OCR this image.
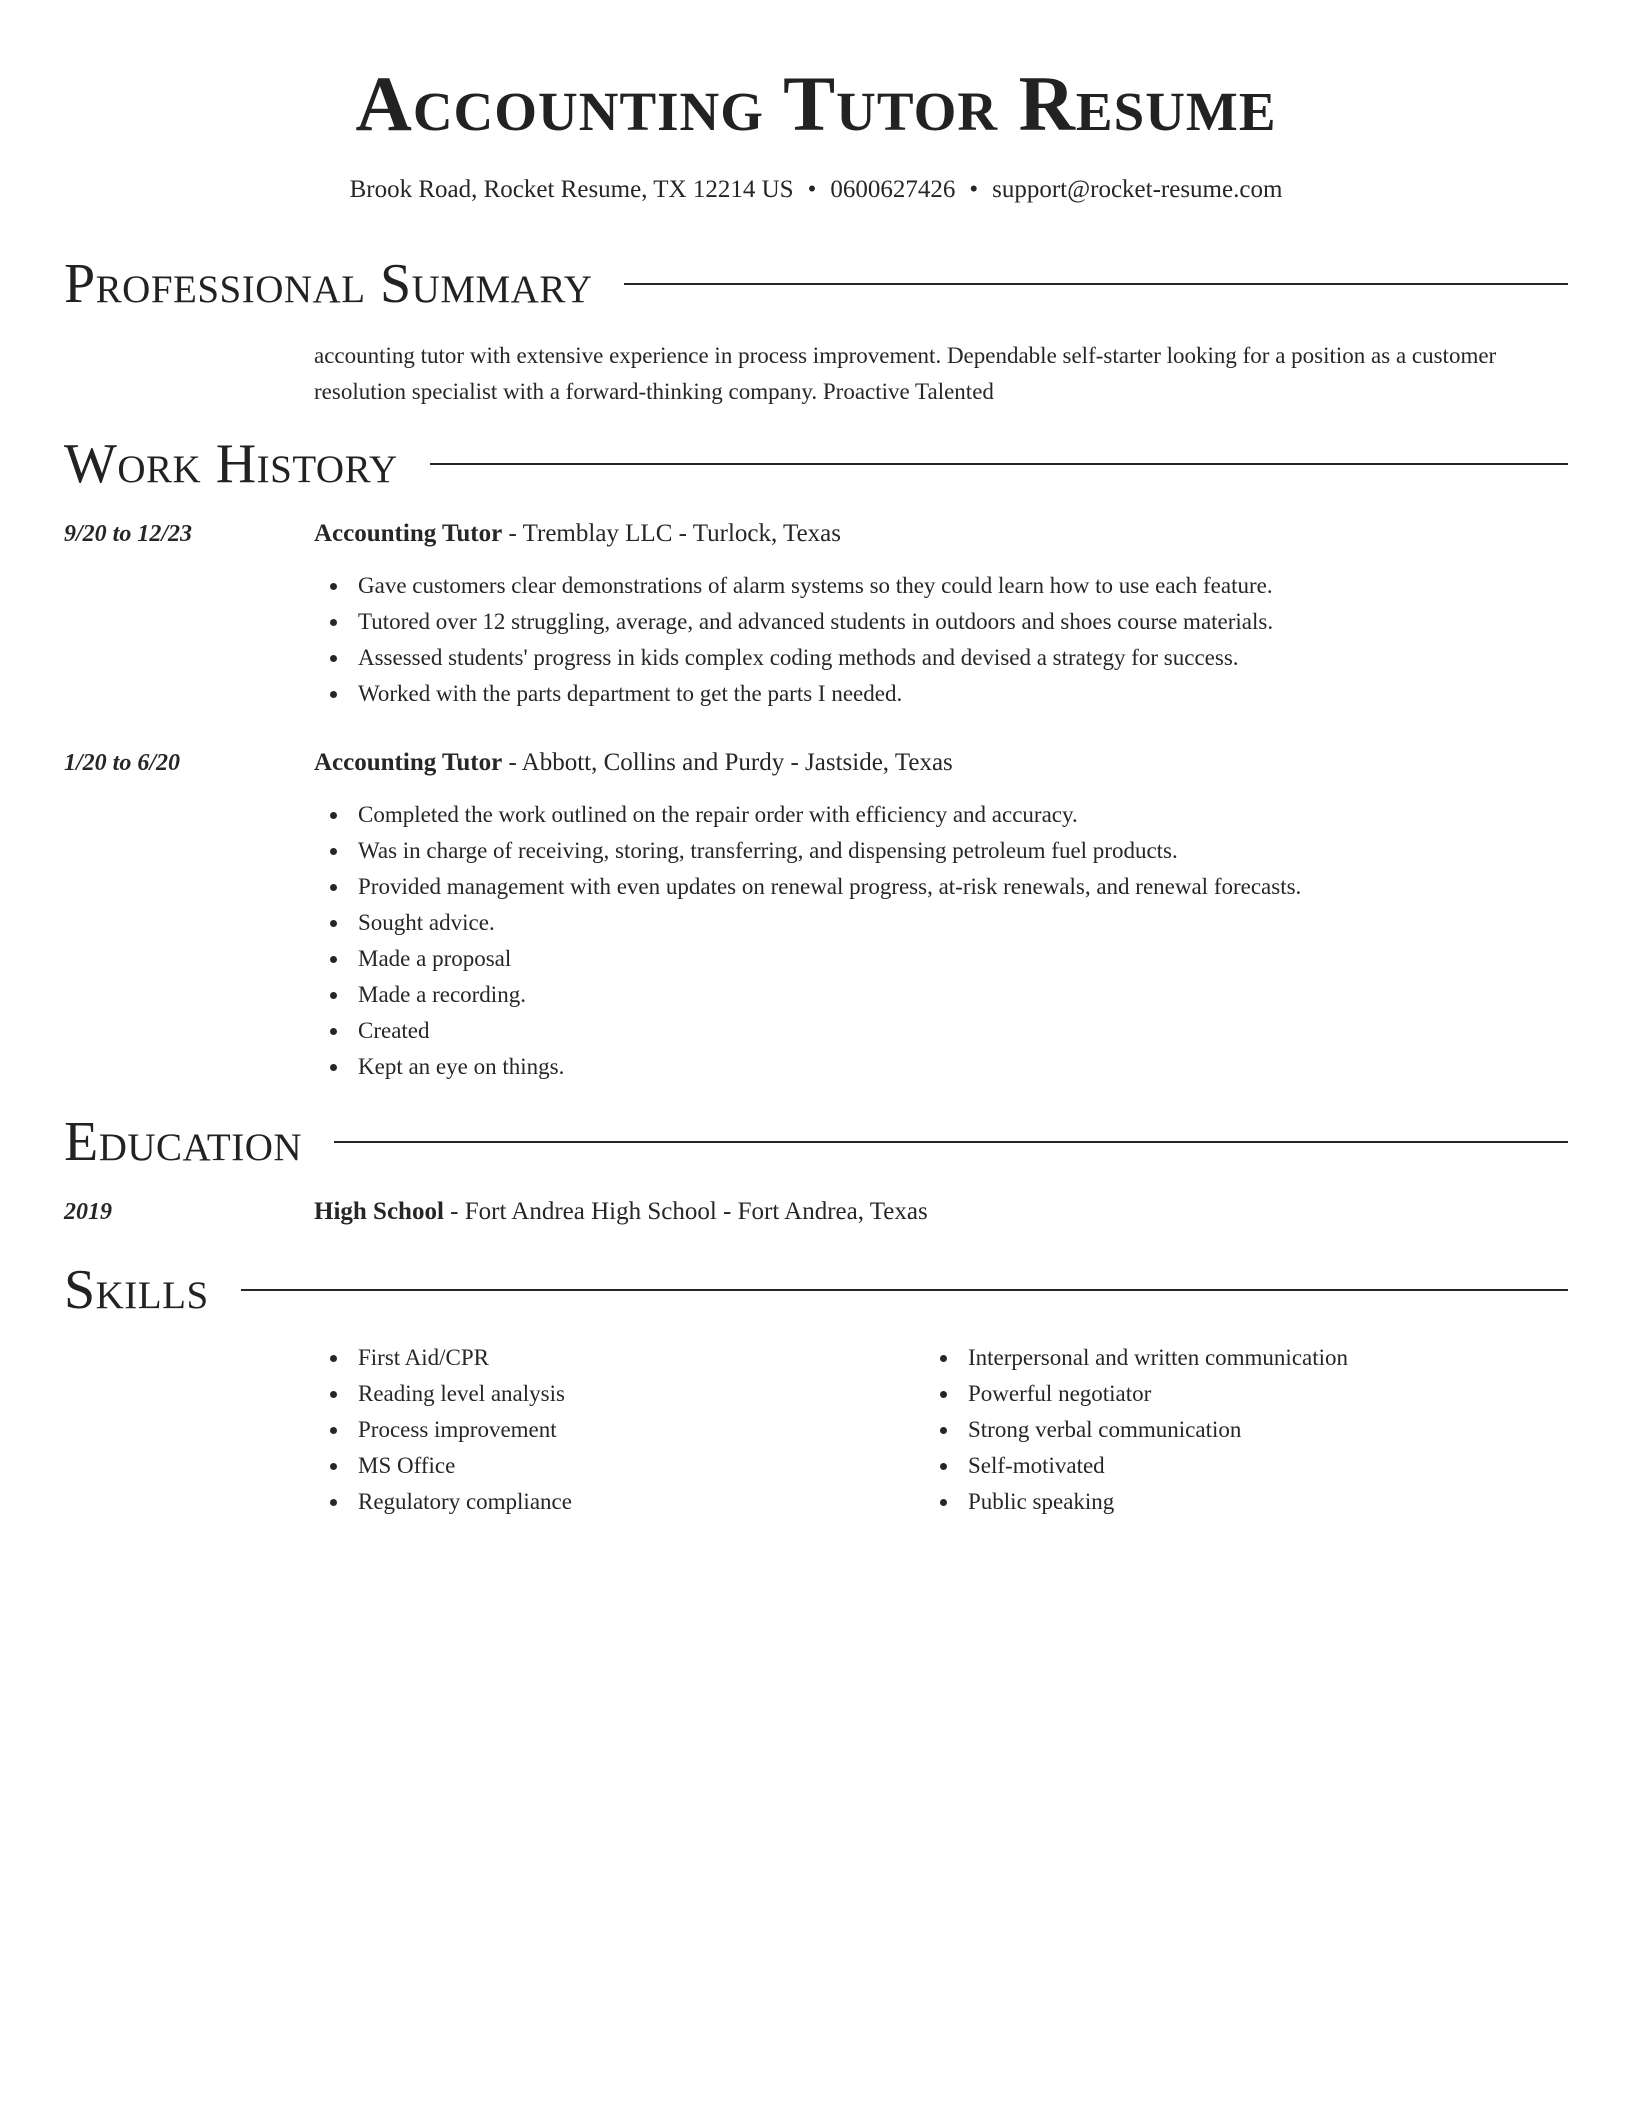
Accounting Tutor Resume
Brook Road, Rocket Resume, TX 12214 US • 0600627426 • support@rocket-resume.com
Professional Summary

accounting tutor with extensive experience in process improvement. Dependable self-starter looking for a position as a customer resolution specialist with a forward-thinking company. Proactive Talented

Work History
9/20 to 12/23	Accounting Tutor - Tremblay LLC - Turlock, Texas
Gave customers clear demonstrations of alarm systems so they could learn how to use each feature.
Tutored over 12 struggling, average, and advanced students in outdoors and shoes course materials.
Assessed students' progress in kids complex coding methods and devised a strategy for success.
Worked with the parts department to get the parts I needed.
1/20 to 6/20	Accounting Tutor - Abbott, Collins and Purdy - Jastside, Texas
Completed the work outlined on the repair order with efficiency and accuracy.
Was in charge of receiving, storing, transferring, and dispensing petroleum fuel products.
Provided management with even updates on renewal progress, at-risk renewals, and renewal forecasts.
Sought advice.
Made a proposal
Made a recording.
Created
Kept an eye on things.
Education
2019	High School - Fort Andrea High School - Fort Andrea, Texas
Skills
First Aid/CPR
Reading level analysis
Process improvement
MS Office
Regulatory compliance
Interpersonal and written communication
Powerful negotiator
Strong verbal communication
Self-motivated
Public speaking
